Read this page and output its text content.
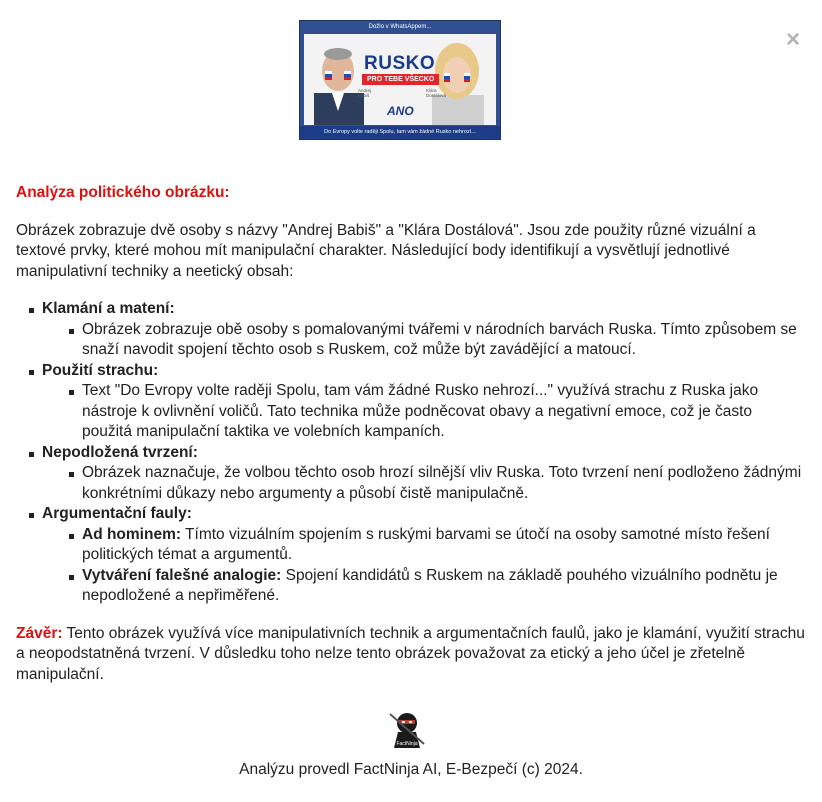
×
Dožlo v WhatsAppem...
RUSKO
PRO TEBE VŠECKO
Andrej Babiš
Klára Dostálová
ANO
Do Evropy volte raději Spolu, tam vám žádné Rusko nehrozí...
Analýza politického obrázku:

Obrázek zobrazuje dvě osoby s názvy "Andrej Babiš" a "Klára Dostálová". Jsou zde použity různé vizuální a textové prvky, které mohou mít manipulační charakter. Následující body identifikují a vysvětlují jednotlivé manipulativní techniky a neetický obsah:

Klamání a matení:
Obrázek zobrazuje obě osoby s pomalovanými tvářemi v národních barvách Ruska. Tímto způsobem se snaží navodit spojení těchto osob s Ruskem, což může být zavádějící a matoucí.
Použití strachu:
Text "Do Evropy volte raději Spolu, tam vám žádné Rusko nehrozí..." využívá strachu z Ruska jako nástroje k ovlivnění voličů. Tato technika může podněcovat obavy a negativní emoce, což je často použitá manipulační taktika ve volebních kampaních.
Nepodložená tvrzení:
Obrázek naznačuje, že volbou těchto osob hrozí silnější vliv Ruska. Toto tvrzení není podloženo žádnými konkrétními důkazy nebo argumenty a působí čistě manipulačně.
Argumentační fauly:
Ad hominem: Tímto vizuálním spojením s ruskými barvami se útočí na osoby samotné místo řešení politických témat a argumentů.
Vytváření falešné analogie: Spojení kandidátů s Ruskem na základě pouhého vizuálního podnětu je nepodložené a nepřiměřené.

Závěr: Tento obrázek využívá více manipulativních technik a argumentačních faulů, jako je klamání, využití strachu a neopodstatněná tvrzení. V důsledku toho nelze tento obrázek považovat za etický a jeho účel je zřetelně manipulační.

FactNinja
Analýzu provedl FactNinja AI, E-Bezpečí (c) 2024.
